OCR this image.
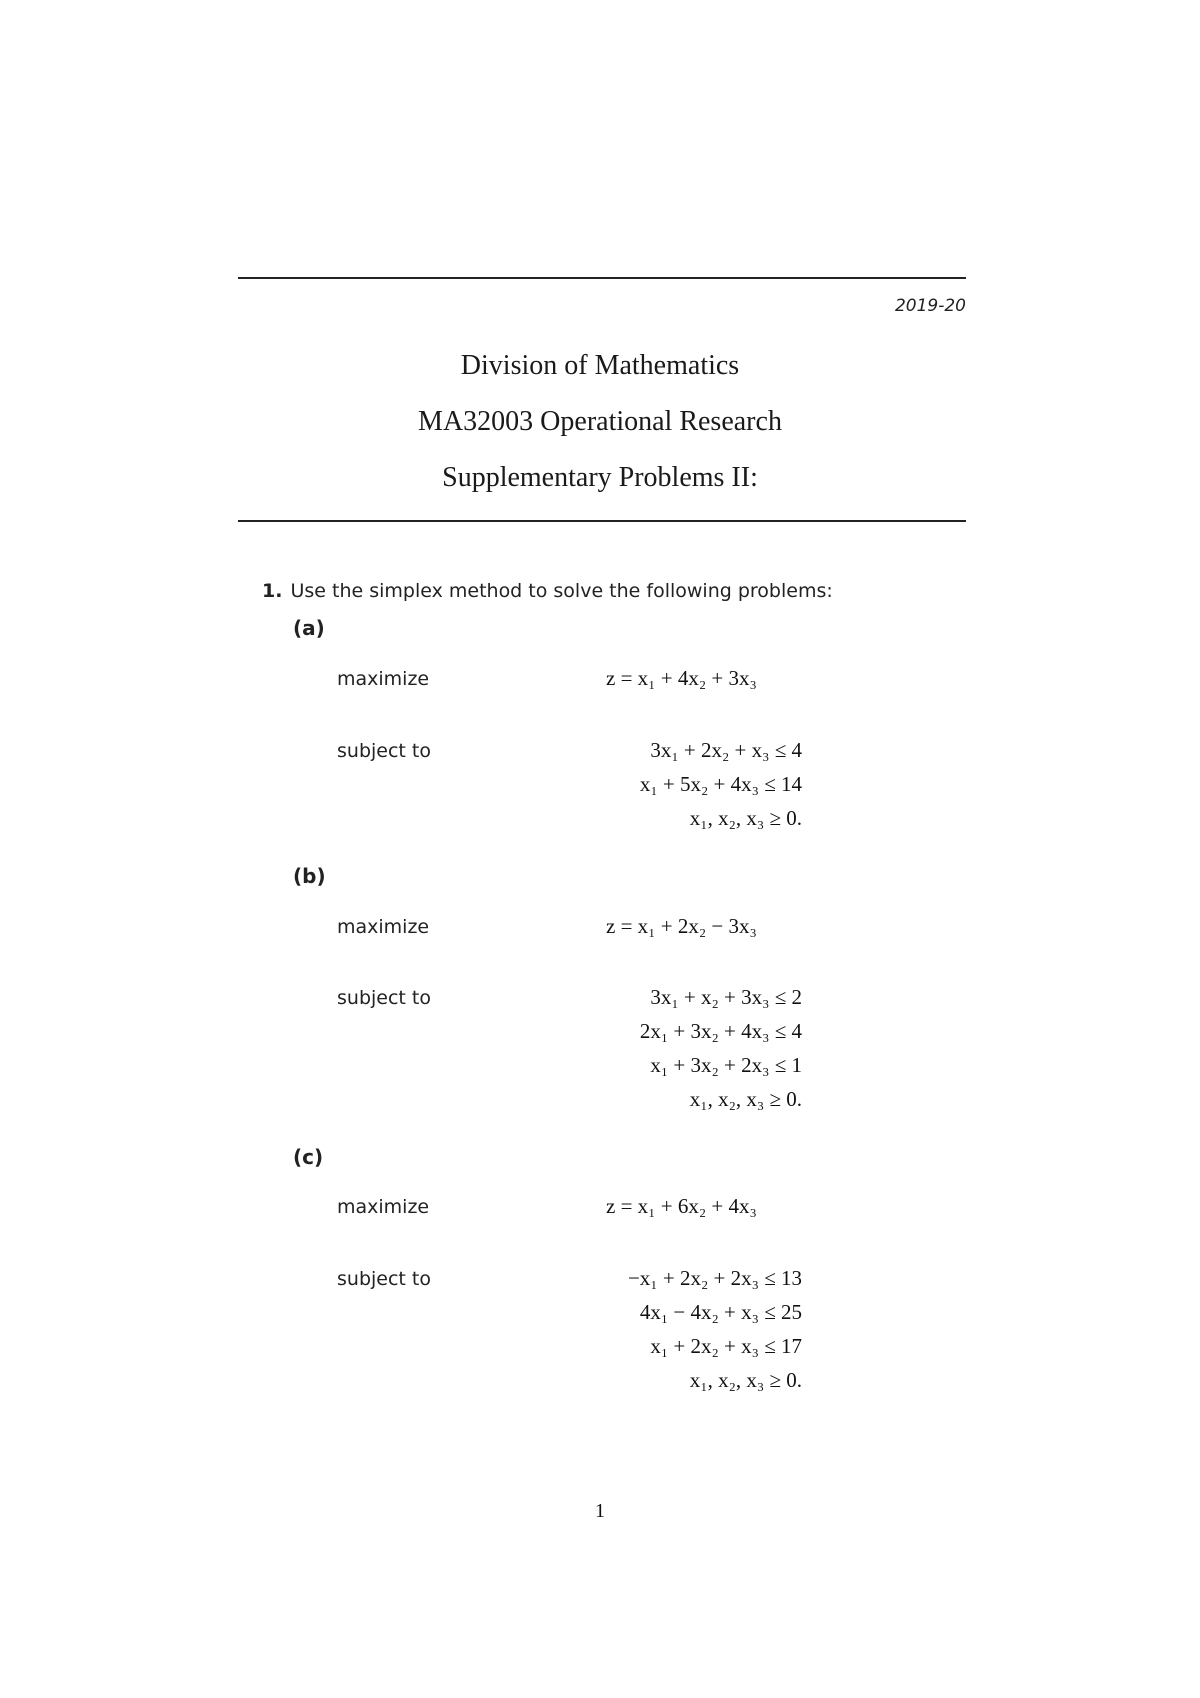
2019-20
Division of Mathematics
MA32003 Operational Research
Supplementary Problems II:
1. Use the simplex method to solve the following problems:
(a)
maximize	z = x₁ + 4x₂ + 3x₃
subject to	3x₁ + 2x₂ + x₃ ≤ 4
x₁ + 5x₂ + 4x₃ ≤ 14
x₁, x₂, x₃ ≥ 0.
(b)
maximize	z = x₁ + 2x₂ − 3x₃
subject to	3x₁ + x₂ + 3x₃ ≤ 2
2x₁ + 3x₂ + 4x₃ ≤ 4
x₁ + 3x₂ + 2x₃ ≤ 1
x₁, x₂, x₃ ≥ 0.
(c)
maximize	z = x₁ + 6x₂ + 4x₃
subject to	−x₁ + 2x₂ + 2x₃ ≤ 13
4x₁ − 4x₂ + x₃ ≤ 25
x₁ + 2x₂ + x₃ ≤ 17
x₁, x₂, x₃ ≥ 0.
1
